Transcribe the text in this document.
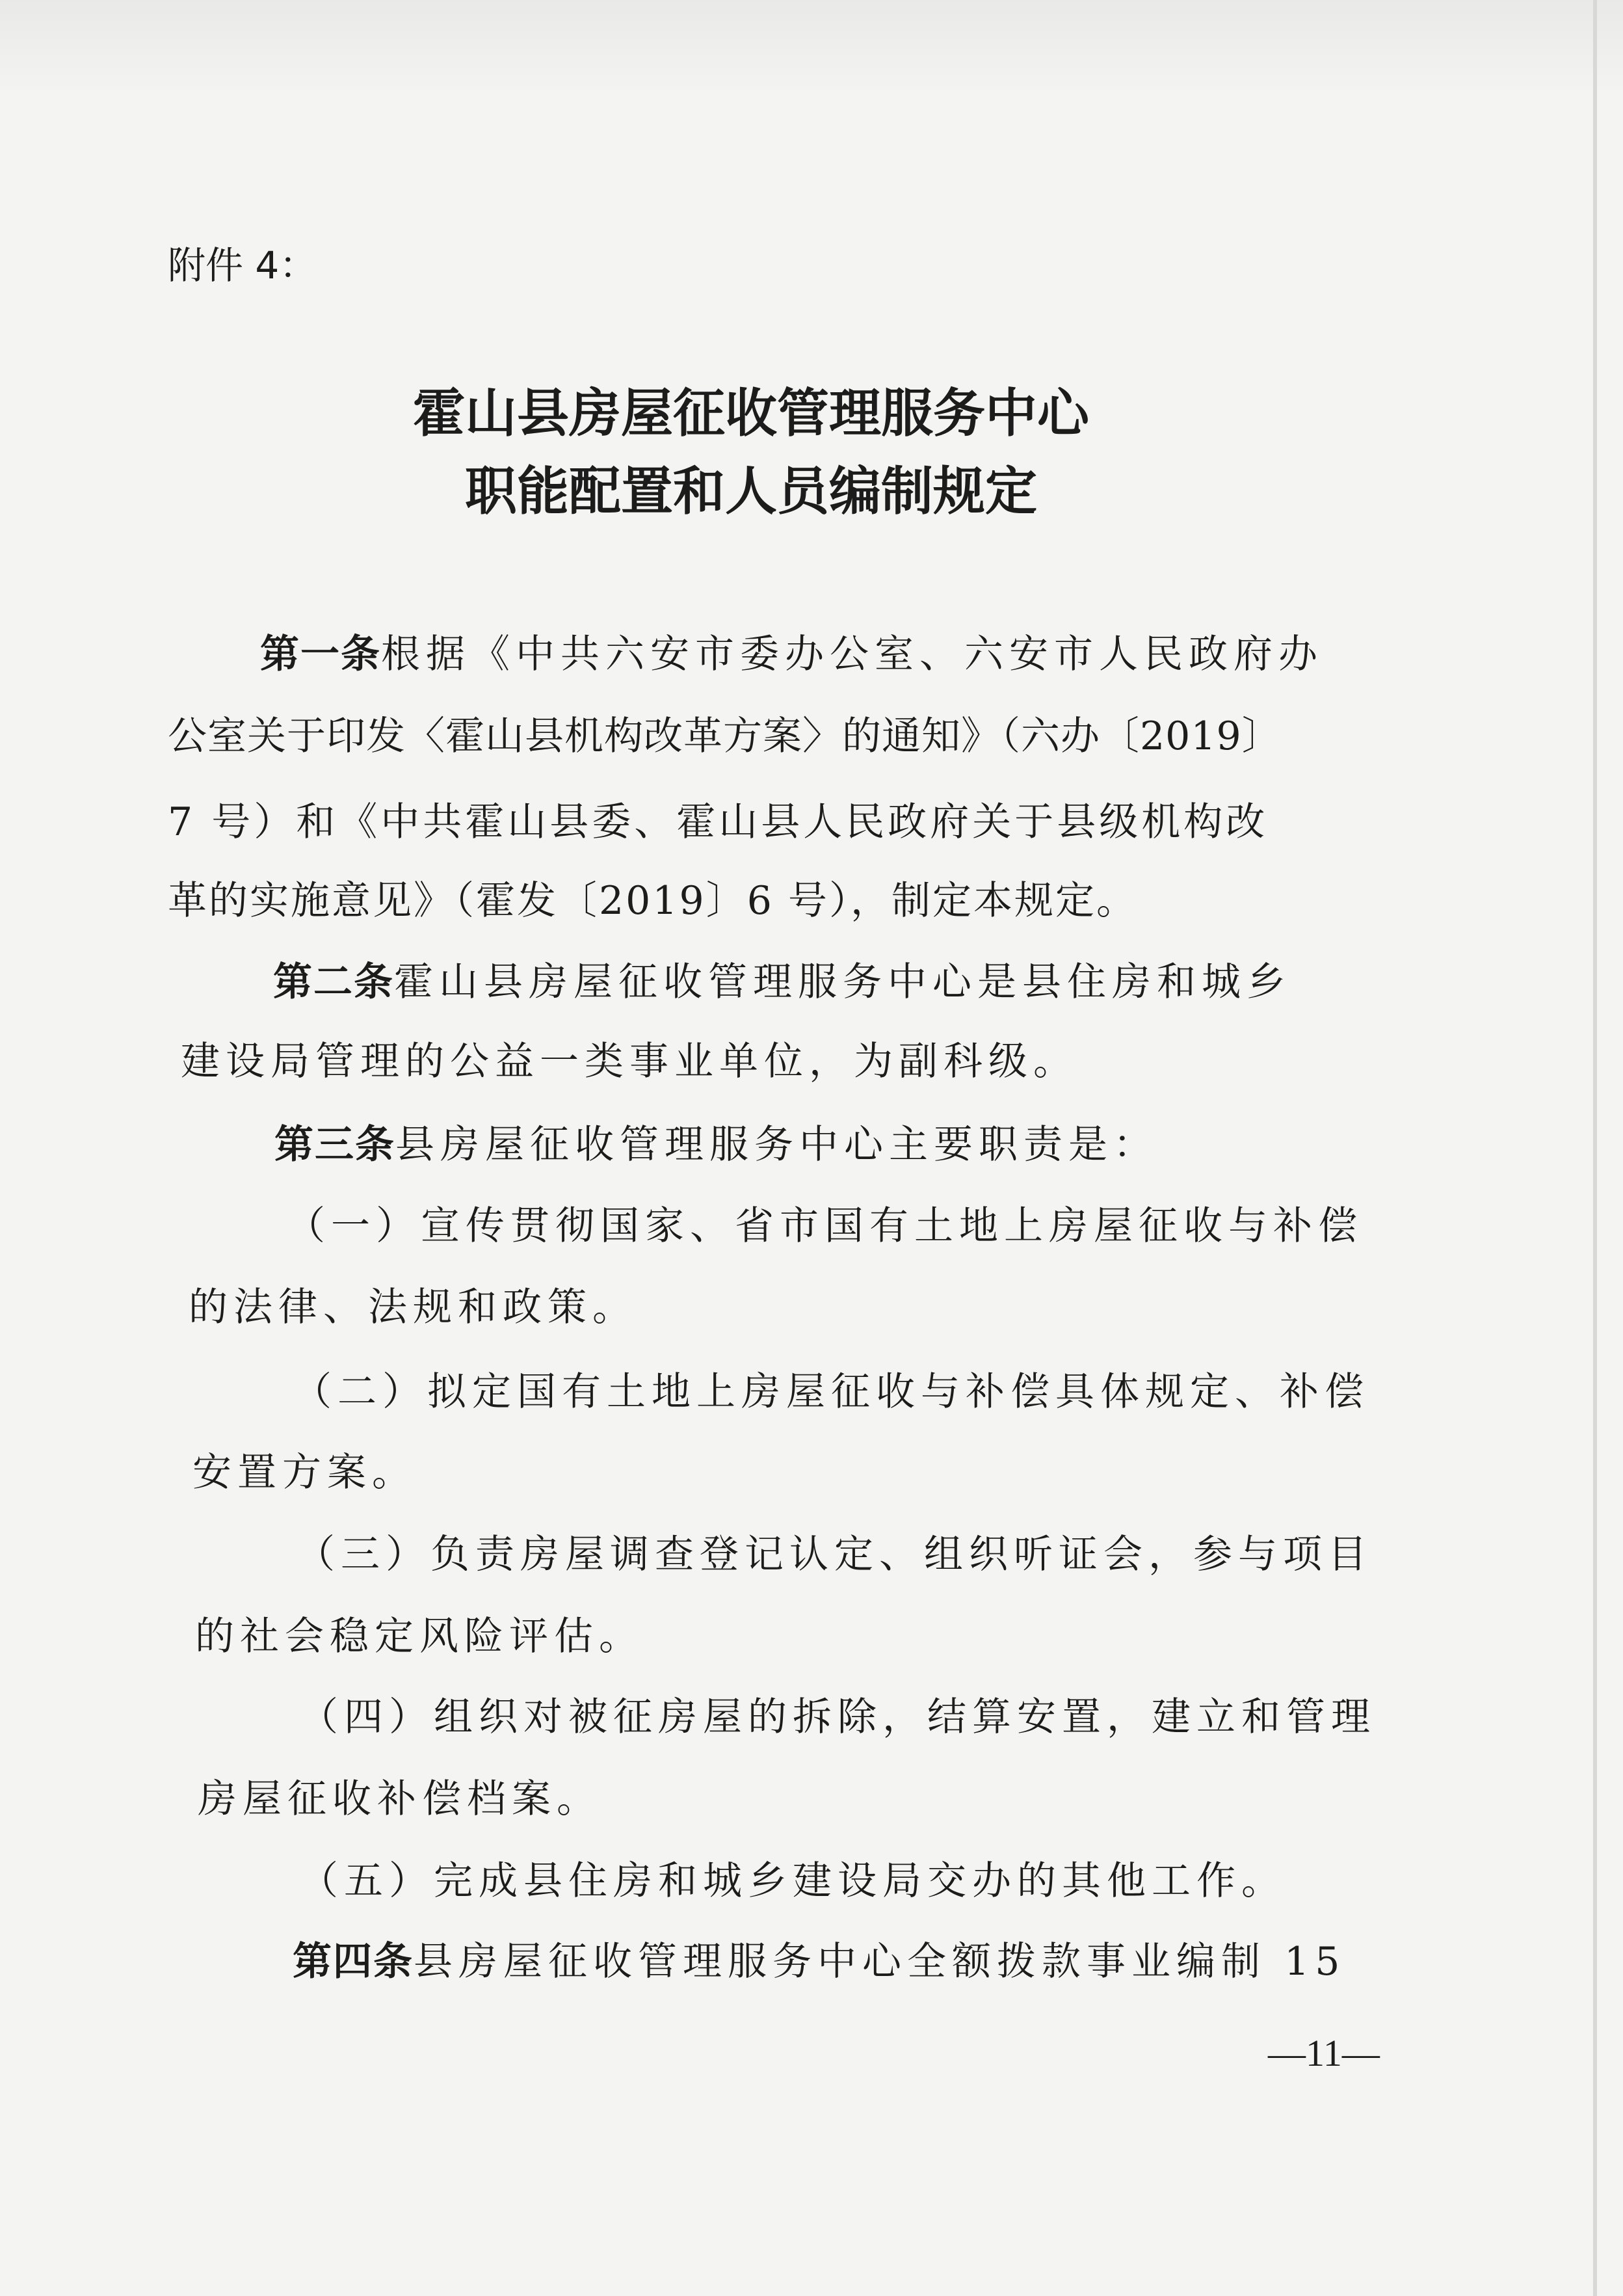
附件 4：
霍山县房屋征收管理服务中心
职能配置和人员编制规定
第一条根据《中共六安市委办公室、六安市人民政府办
公室关于印发〈霍山县机构改革方案〉的通知》（六办〔2019〕
7 号）和《中共霍山县委、霍山县人民政府关于县级机构改
革的实施意见》（霍发〔2019〕6 号），制定本规定。
第二条霍山县房屋征收管理服务中心是县住房和城乡
建设局管理的公益一类事业单位，为副科级。
第三条县房屋征收管理服务中心主要职责是：
（一）宣传贯彻国家、省市国有土地上房屋征收与补偿
的法律、法规和政策。
（二）拟定国有土地上房屋征收与补偿具体规定、补偿
安置方案。
（三）负责房屋调查登记认定、组织听证会，参与项目
的社会稳定风险评估。
（四）组织对被征房屋的拆除，结算安置，建立和管理
房屋征收补偿档案。
（五）完成县住房和城乡建设局交办的其他工作。
第四条县房屋征收管理服务中心全额拨款事业编制 15
—11—
